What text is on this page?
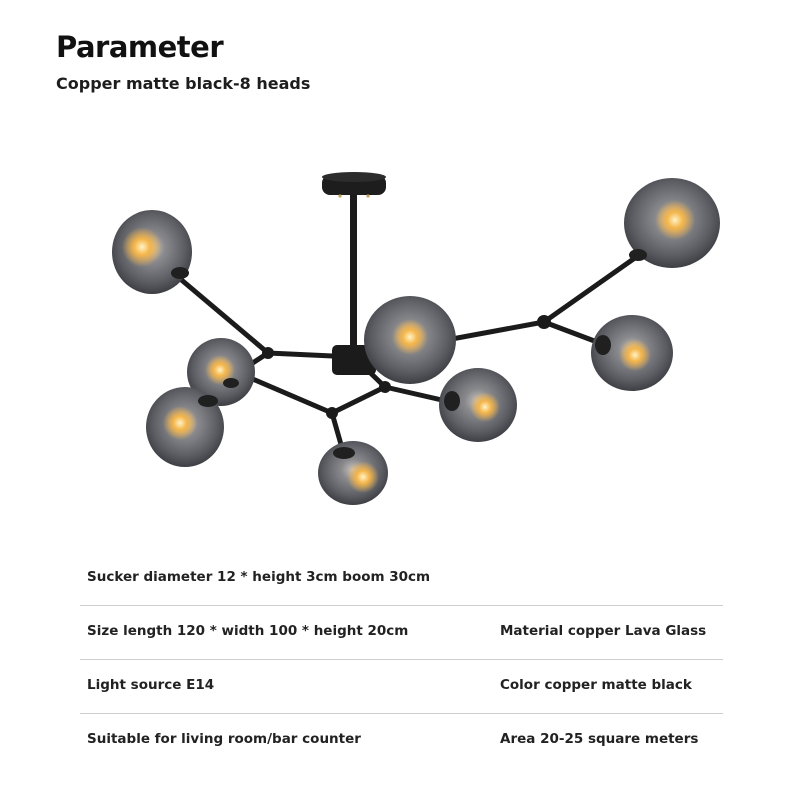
Parameter
Copper matte black-8 heads
Sucker diameter 12 * height 3cm boom 30cm
Size length 120 * width 100 * height 20cm	Material copper Lava Glass
Light source E14	Color copper matte black
Suitable for living room/bar counter	Area 20-25 square meters
